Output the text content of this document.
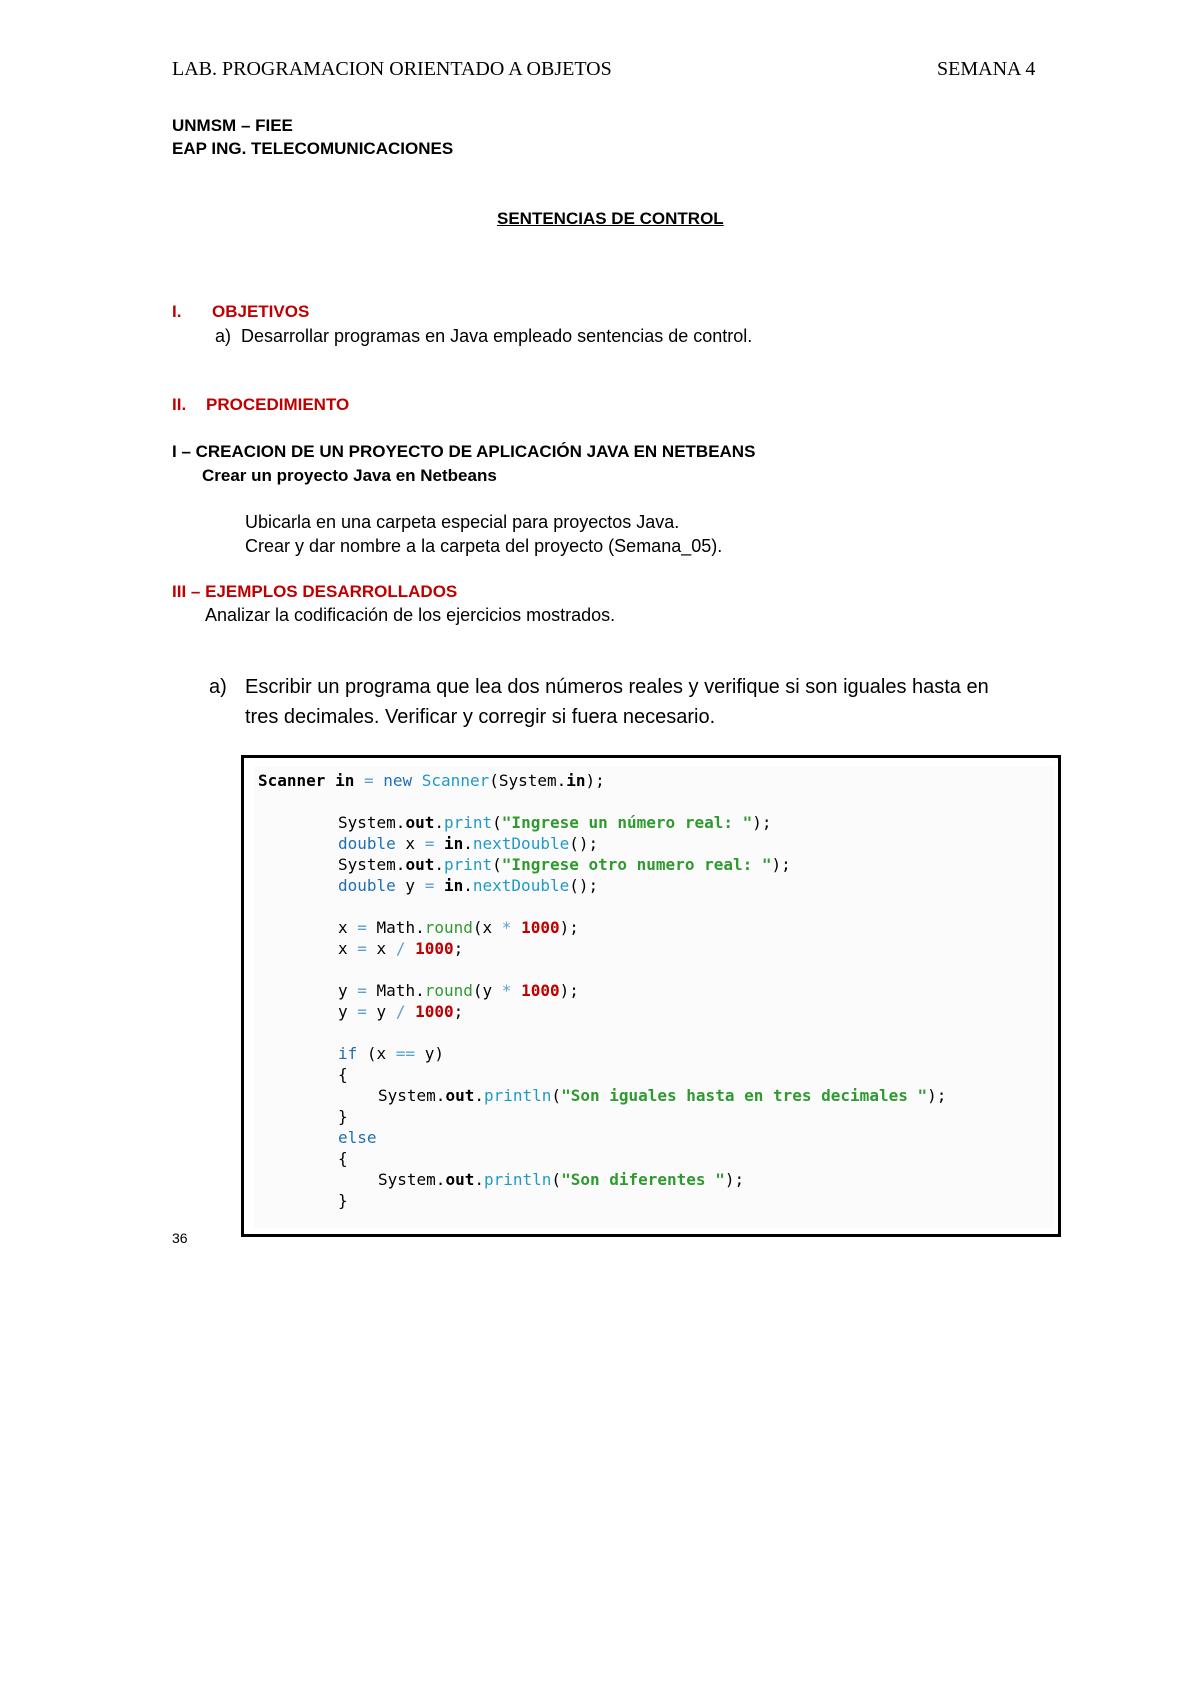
LAB. PROGRAMACION ORIENTADO A OBJETOS	SEMANA 4
UNMSM – FIEE
EAP ING. TELECOMUNICACIONES
SENTENCIAS DE CONTROL
I. OBJETIVOS
a)  Desarrollar programas en Java empleado sentencias de control.
II. PROCEDIMIENTO
I – CREACION DE UN PROYECTO DE APLICACIÓN JAVA EN NETBEANS
Crear un proyecto Java en Netbeans
Ubicarla en una carpeta especial para proyectos Java.
Crear y dar nombre a la carpeta del proyecto (Semana_05).
III – EJEMPLOS DESARROLLADOS
Analizar la codificación de los ejercicios mostrados.
a) Escribir un programa que lea dos números reales y verifique si son iguales hasta en
tres decimales. Verificar y corregir si fuera necesario.
Scanner in = new Scanner(System.in);
System.out.print("Ingrese un número real: ");
double x = in.nextDouble();
System.out.print("Ingrese otro numero real: ");
double y = in.nextDouble();
x = Math.round(x * 1000);
x = x / 1000;
y = Math.round(y * 1000);
y = y / 1000;
if (x == y)
{
System.out.println("Son iguales hasta en tres decimales ");
}
else
{
System.out.println("Son diferentes ");
}
36
